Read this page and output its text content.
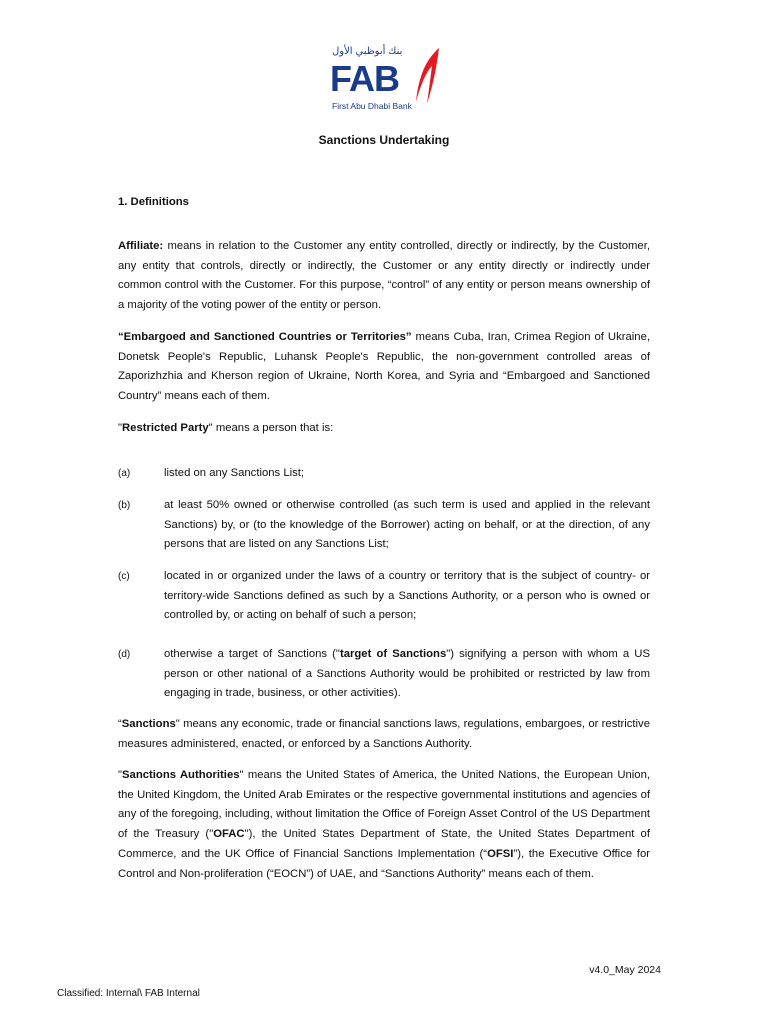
بنك أبوظبي الأول
FAB
First Abu Dhabi Bank
Sanctions Undertaking
1. Definitions
Affiliate: means in relation to the Customer any entity controlled, directly or indirectly, by the Customer, any entity that controls, directly or indirectly, the Customer or any entity directly or indirectly under common control with the Customer. For this purpose, “control” of any entity or person means ownership of a majority of the voting power of the entity or person.
“Embargoed and Sanctioned Countries or Territories” means Cuba, Iran, Crimea Region of Ukraine, Donetsk People's Republic, Luhansk People's Republic, the non-government controlled areas of Zaporizhzhia and Kherson region of Ukraine, North Korea, and Syria and “Embargoed and Sanctioned Country” means each of them.
"Restricted Party" means a person that is:
(a)	listed on any Sanctions List;
(b)	at least 50% owned or otherwise controlled (as such term is used and applied in the relevant Sanctions) by, or (to the knowledge of the Borrower) acting on behalf, or at the direction, of any persons that are listed on any Sanctions List;
(c)	located in or organized under the laws of a country or territory that is the subject of country- or territory-wide Sanctions defined as such by a Sanctions Authority, or a person who is owned or controlled by, or acting on behalf of such a person;
(d)	otherwise a target of Sanctions ("target of Sanctions") signifying a person with whom a US person or other national of a Sanctions Authority would be prohibited or restricted by law from engaging in trade, business, or other activities).
“Sanctions" means any economic, trade or financial sanctions laws, regulations, embargoes, or restrictive measures administered, enacted, or enforced by a Sanctions Authority.
"Sanctions Authorities" means the United States of America, the United Nations, the European Union, the United Kingdom, the United Arab Emirates or the respective governmental institutions and agencies of any of the foregoing, including, without limitation the Office of Foreign Asset Control of the US Department of the Treasury ("OFAC"), the United States Department of State, the United States Department of Commerce, and the UK Office of Financial Sanctions Implementation (“OFSI”), the Executive Office for Control and Non-proliferation (“EOCN”) of UAE, and “Sanctions Authority” means each of them.
v4.0_May 2024
Classified: Internal\ FAB Internal
